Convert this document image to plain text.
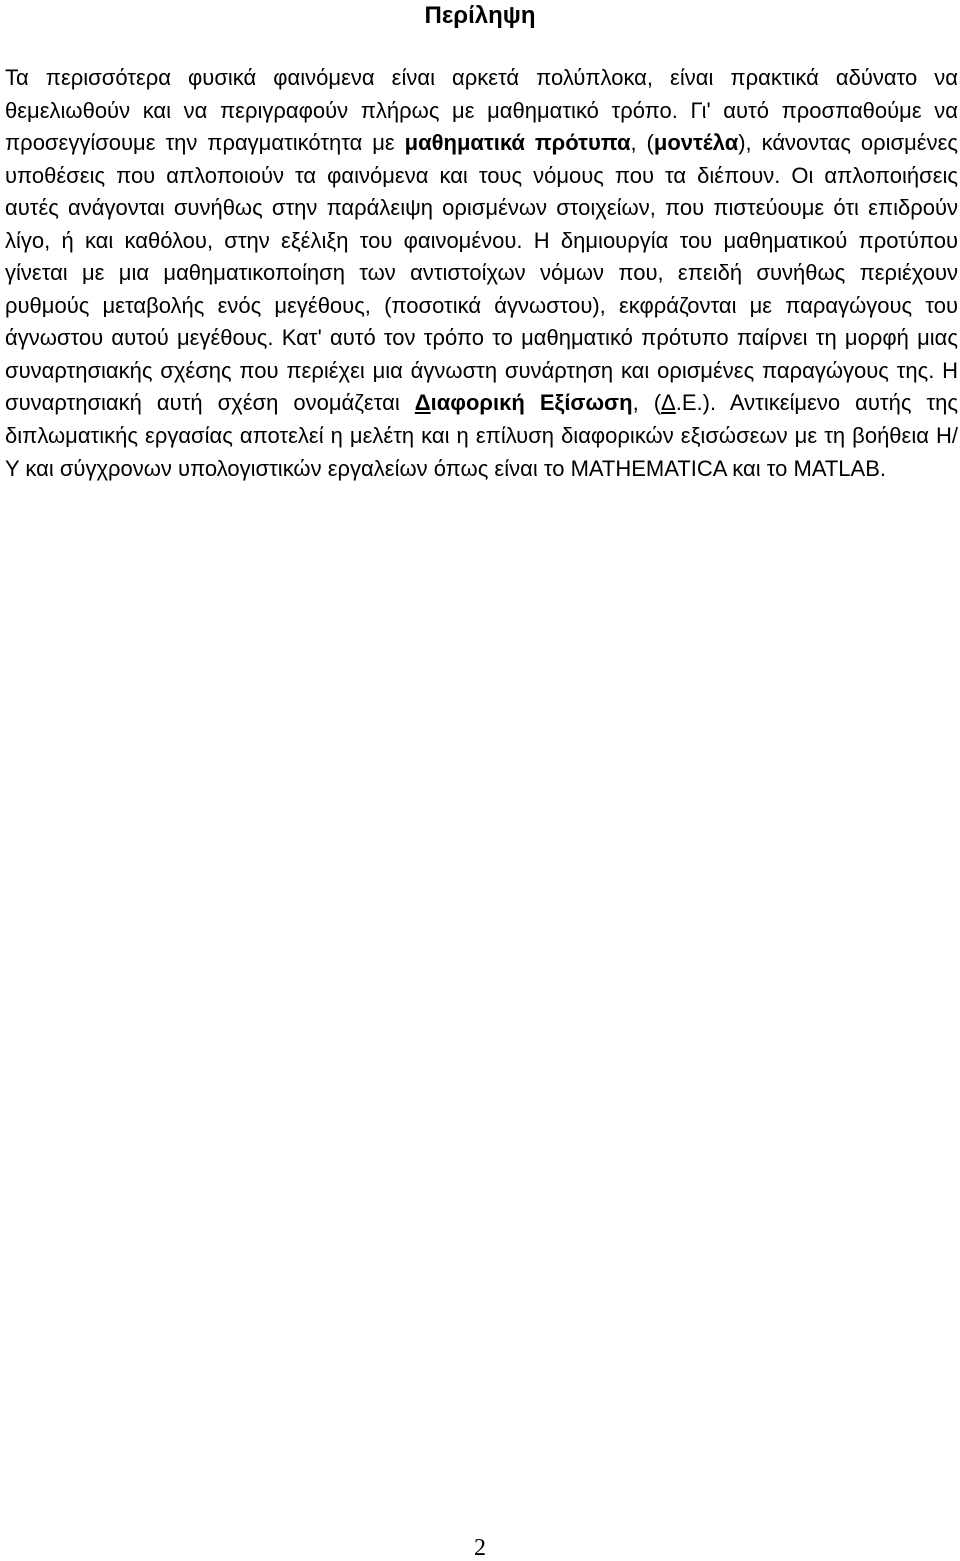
Περίληψη

Τα περισσότερα φυσικά φαινόμενα είναι αρκετά πολύπλοκα, είναι πρακτικά αδύνατο να θεμελιωθούν και να περιγραφούν πλήρως με μαθηματικό τρόπο. Γι' αυτό προσπαθούμε να προσεγγίσουμε την πραγματικότητα με μαθηματικά πρότυπα, (μοντέλα), κάνοντας ορισμένες υποθέσεις που απλοποιούν τα φαινόμενα και τους νόμους που τα διέπουν. Οι απλοποιήσεις αυτές ανάγονται συνήθως στην παράλειψη ορισμένων στοιχείων, που πιστεύουμε ότι επιδρούν λίγο, ή και καθόλου, στην εξέλιξη του φαινομένου. Η δημιουργία του μαθηματικού προτύπου γίνεται με μια μαθηματικοποίηση των αντιστοίχων νόμων που, επειδή συνήθως περιέχουν ρυθμούς μεταβολής ενός μεγέθους, (ποσοτικά άγνωστου), εκφράζονται με παραγώγους του άγνωστου αυτού μεγέθους. Κατ' αυτό τον τρόπο το μαθηματικό πρότυπο παίρνει τη μορφή μιας συναρτησιακής σχέσης που περιέχει μια άγνωστη συνάρτηση και ορισμένες παραγώγους της. Η συναρτησιακή αυτή σχέση ονομάζεται Διαφορική Εξίσωση, (Δ.Ε.). Αντικείμενο αυτής της διπλωματικής εργασίας αποτελεί η μελέτη και η επίλυση διαφορικών εξισώσεων με τη βοήθεια Η/Υ και σύγχρονων υπολογιστικών εργαλείων όπως είναι το MATHEMATICA και το MATLAB.

2
